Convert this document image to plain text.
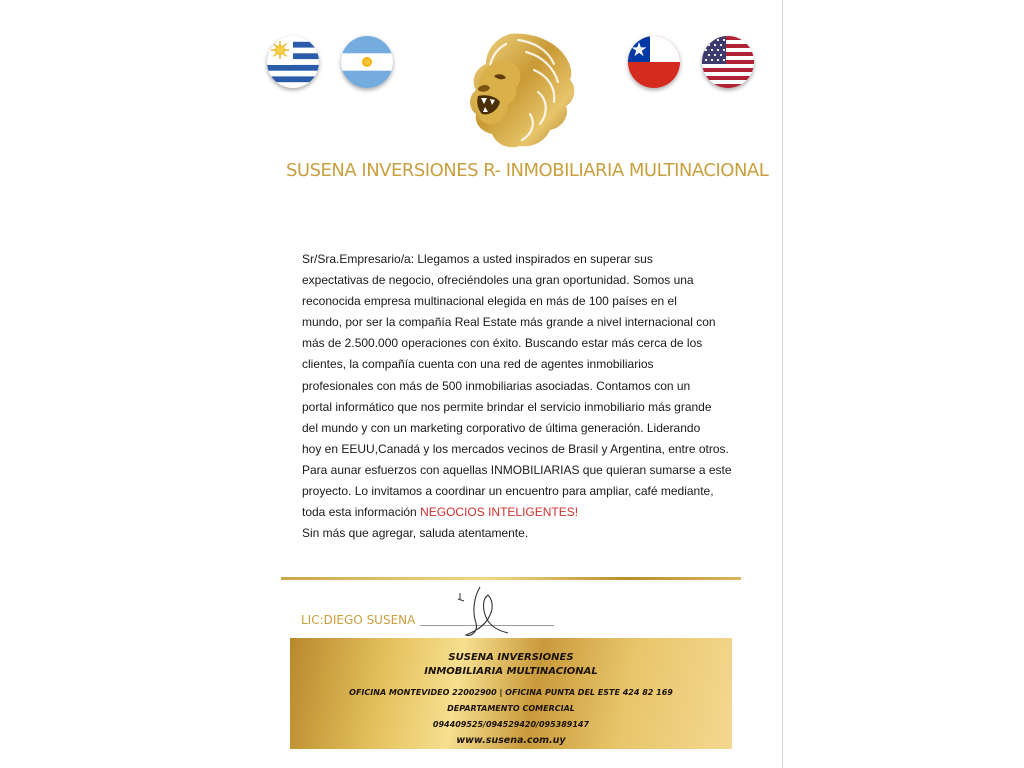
SUSENA INVERSIONES R- INMOBILIARIA MULTINACIONAL
Sr/Sra.Empresario/a: Llegamos a usted inspirados en superar sus
expectativas de negocio, ofreciéndoles una gran oportunidad. Somos una
reconocida empresa multinacional elegida en más de 100 países en el
mundo, por ser la compañía Real Estate más grande a nivel internacional con
más de 2.500.000 operaciones con éxito. Buscando estar más cerca de los
clientes, la compañía cuenta con una red de agentes inmobiliarios
profesionales con más de 500 inmobiliarias asociadas. Contamos con un
portal informático que nos permite brindar el servicio inmobiliario más grande
del mundo y con un marketing corporativo de última generación. Liderando
hoy en EEUU,Canadá y los mercados vecinos de Brasil y Argentina, entre otros.
Para aunar esfuerzos con aquellas INMOBILIARIAS que quieran sumarse a este
proyecto. Lo invitamos a coordinar un encuentro para ampliar, café mediante,
toda esta información NEGOCIOS INTELIGENTES!
Sin más que agregar, saluda atentamente.
LIC:DIEGO SUSENA
SUSENA INVERSIONES
INMOBILIARIA MULTINACIONAL
OFICINA MONTEVIDEO 22002900 | OFICINA PUNTA DEL ESTE 424 82 169
DEPARTAMENTO COMERCIAL
094409525/094529420/095389147
www.susena.com.uy
